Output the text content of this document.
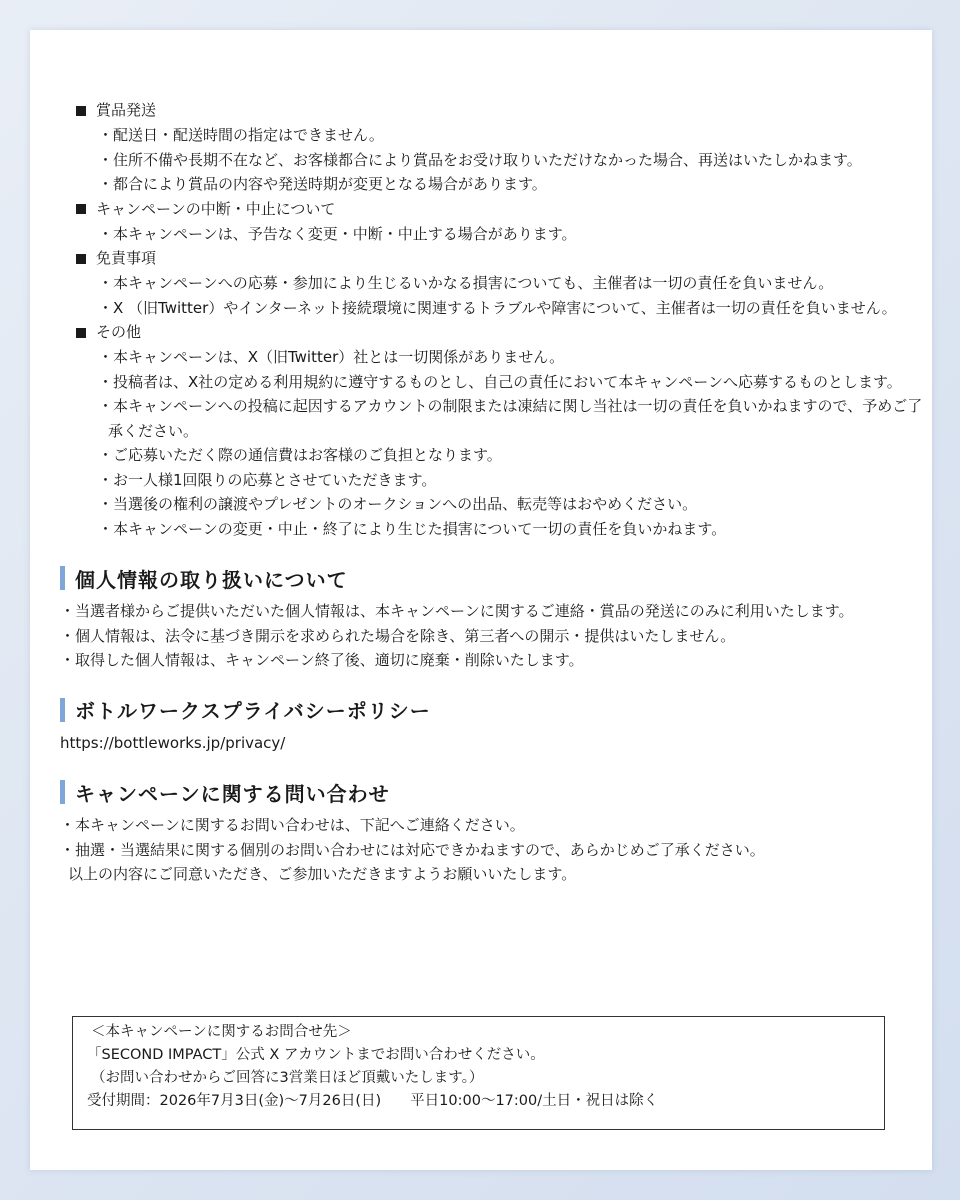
賞品発送
・配送日・配送時間の指定はできません。
・住所不備や長期不在など、お客様都合により賞品をお受け取りいただけなかった場合、再送はいたしかねます。
・都合により賞品の内容や発送時期が変更となる場合があります。
キャンペーンの中断・中止について
・本キャンペーンは、予告なく変更・中断・中止する場合があります。
免責事項
・本キャンペーンへの応募・参加により生じるいかなる損害についても、主催者は一切の責任を負いません。
・X （旧Twitter）やインターネット接続環境に関連するトラブルや障害について、主催者は一切の責任を負いません。
その他
・本キャンペーンは、X（旧Twitter）社とは一切関係がありません。
・投稿者は、X社の定める利用規約に遵守するものとし、自己の責任において本キャンペーンへ応募するものとします。
・本キャンペーンへの投稿に起因するアカウントの制限または凍結に関し当社は一切の責任を負いかねますので、予めご了承ください。
・ご応募いただく際の通信費はお客様のご負担となります。
・お一人様1回限りの応募とさせていただきます。
・当選後の権利の譲渡やプレゼントのオークションへの出品、転売等はおやめください。
・本キャンペーンの変更・中止・終了により生じた損害について一切の責任を負いかねます。
個人情報の取り扱いについて
・当選者様からご提供いただいた個人情報は、本キャンペーンに関するご連絡・賞品の発送にのみに利用いたします。
・個人情報は、法令に基づき開示を求められた場合を除き、第三者への開示・提供はいたしません。
・取得した個人情報は、キャンペーン終了後、適切に廃棄・削除いたします。
ボトルワークスプライバシーポリシー
https://bottleworks.jp/privacy/
キャンペーンに関する問い合わせ
・本キャンペーンに関するお問い合わせは、下記へご連絡ください。
・抽選・当選結果に関する個別のお問い合わせには対応できかねますので、あらかじめご了承ください。
以上の内容にご同意いただき、ご参加いただきますようお願いいたします。
＜本キャンペーンに関するお問合せ先＞
「SECOND IMPACT」公式 X アカウントまでお問い合わせください。
（お問い合わせからご回答に3営業日ほど頂戴いたします。）
受付期間：2026年7月3日(金)～7月26日(日)　　平日10:00～17:00/土日・祝日は除く
